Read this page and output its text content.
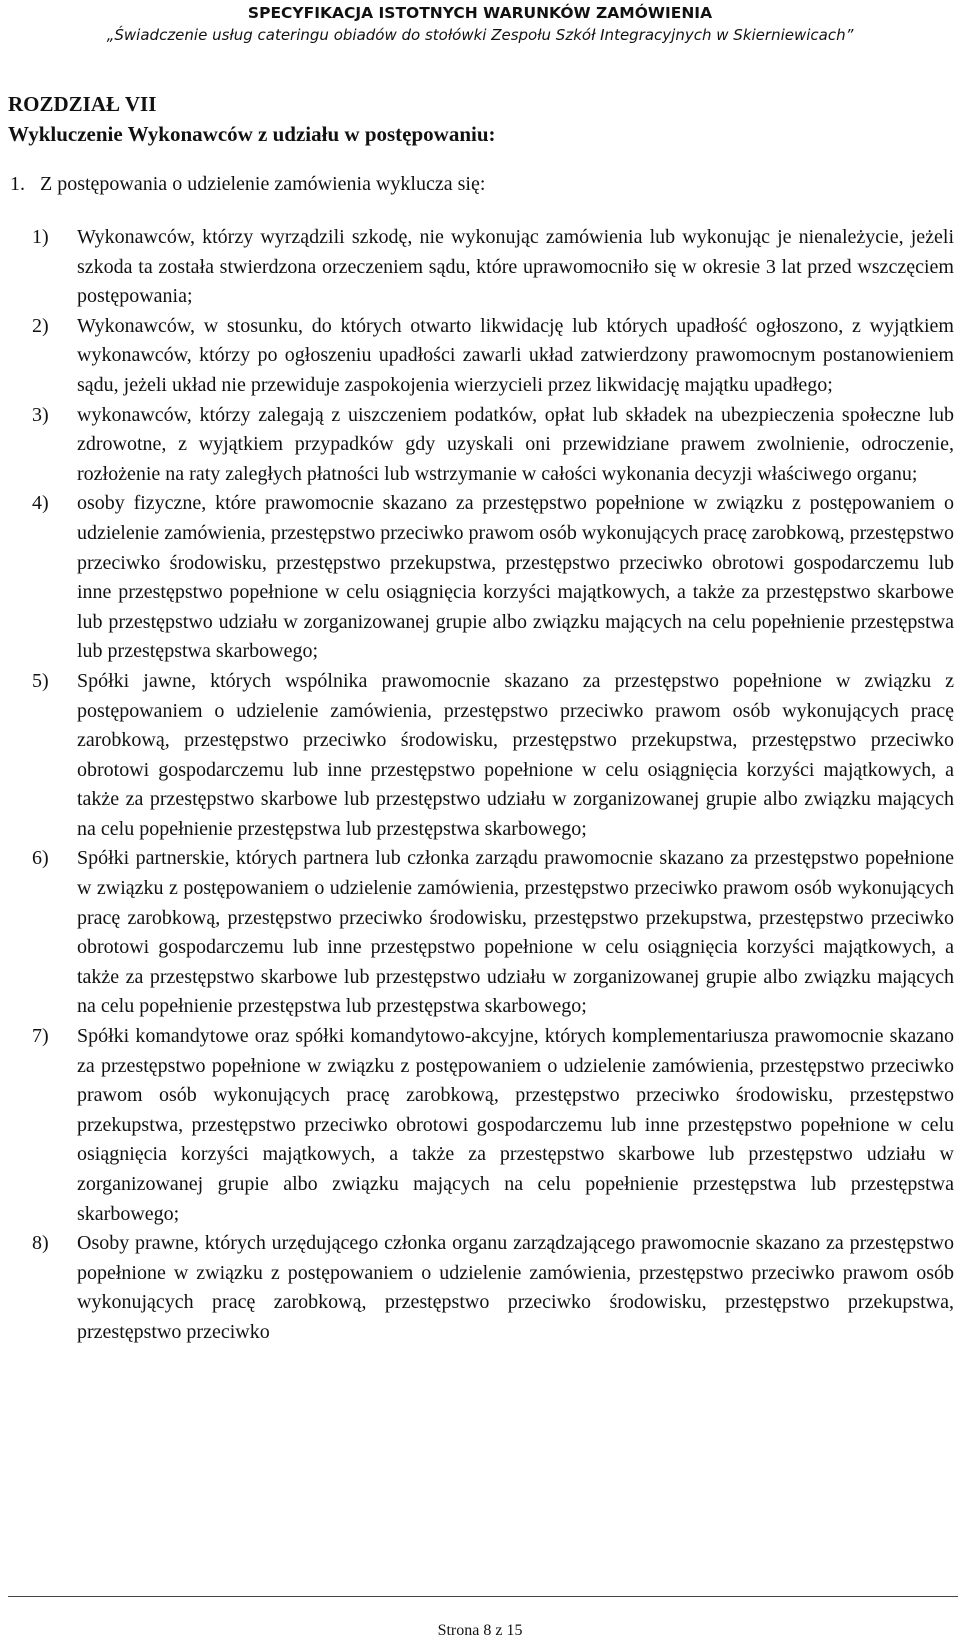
SPECYFIKACJA ISTOTNYCH WARUNKÓW ZAMÓWIENIA
„Świadczenie usług cateringu obiadów do stołówki Zespołu Szkół Integracyjnych w Skierniewicach”

ROZDZIAŁ VII

Wykluczenie Wykonawców z udziału w postępowaniu:

1. Z postępowania o udzielenie zamówienia wyklucza się:
1)	Wykonawców, którzy wyrządzili szkodę, nie wykonując zamówienia lub wykonując je nienależycie, jeżeli szkoda ta została stwierdzona orzeczeniem sądu, które uprawomocniło się w okresie 3 lat przed wszczęciem postępowania;
2)	Wykonawców, w stosunku, do których otwarto likwidację lub których upadłość ogłoszono, z wyjątkiem wykonawców, którzy po ogłoszeniu upadłości zawarli układ zatwierdzony prawomocnym postanowieniem sądu, jeżeli układ nie przewiduje zaspokojenia wierzycieli przez likwidację majątku upadłego;
3)	wykonawców, którzy zalegają z uiszczeniem podatków, opłat lub składek na ubezpieczenia społeczne lub zdrowotne, z wyjątkiem przypadków gdy uzyskali oni przewidziane prawem zwolnienie, odroczenie, rozłożenie na raty zaległych płatności lub wstrzymanie w całości wykonania decyzji właściwego organu;
4)	osoby fizyczne, które prawomocnie skazano za przestępstwo popełnione w związku z postępowaniem o udzielenie zamówienia, przestępstwo przeciwko prawom osób wykonujących pracę zarobkową, przestępstwo przeciwko środowisku, przestępstwo przekupstwa, przestępstwo przeciwko obrotowi gospodarczemu lub inne przestępstwo popełnione w celu osiągnięcia korzyści majątkowych, a także za przestępstwo skarbowe lub przestępstwo udziału w zorganizowanej grupie albo związku mających na celu popełnienie przestępstwa lub przestępstwa skarbowego;
5)	Spółki jawne, których wspólnika prawomocnie skazano za przestępstwo popełnione w związku z postępowaniem o udzielenie zamówienia, przestępstwo przeciwko prawom osób wykonujących pracę zarobkową, przestępstwo przeciwko środowisku, przestępstwo przekupstwa, przestępstwo przeciwko obrotowi gospodarczemu lub inne przestępstwo popełnione w celu osiągnięcia korzyści majątkowych, a także za przestępstwo skarbowe lub przestępstwo udziału w zorganizowanej grupie albo związku mających na celu popełnienie przestępstwa lub przestępstwa skarbowego;
6)	Spółki partnerskie, których partnera lub członka zarządu prawomocnie skazano za przestępstwo popełnione w związku z postępowaniem o udzielenie zamówienia, przestępstwo przeciwko prawom osób wykonujących pracę zarobkową, przestępstwo przeciwko środowisku, przestępstwo przekupstwa, przestępstwo przeciwko obrotowi gospodarczemu lub inne przestępstwo popełnione w celu osiągnięcia korzyści majątkowych, a także za przestępstwo skarbowe lub przestępstwo udziału w zorganizowanej grupie albo związku mających na celu popełnienie przestępstwa lub przestępstwa skarbowego;
7)	Spółki komandytowe oraz spółki komandytowo-akcyjne, których komplementariusza prawomocnie skazano za przestępstwo popełnione w związku z postępowaniem o udzielenie zamówienia, przestępstwo przeciwko prawom osób wykonujących pracę zarobkową, przestępstwo przeciwko środowisku, przestępstwo przekupstwa, przestępstwo przeciwko obrotowi gospodarczemu lub inne przestępstwo popełnione w celu osiągnięcia korzyści majątkowych, a także za przestępstwo skarbowe lub przestępstwo udziału w zorganizowanej grupie albo związku mających na celu popełnienie przestępstwa lub przestępstwa skarbowego;
8)	Osoby prawne, których urzędującego członka organu zarządzającego prawomocnie skazano za przestępstwo popełnione w związku z postępowaniem o udzielenie zamówienia, przestępstwo przeciwko prawom osób wykonujących pracę zarobkową, przestępstwo przeciwko środowisku, przestępstwo przekupstwa, przestępstwo przeciwko
Strona 8 z 15
